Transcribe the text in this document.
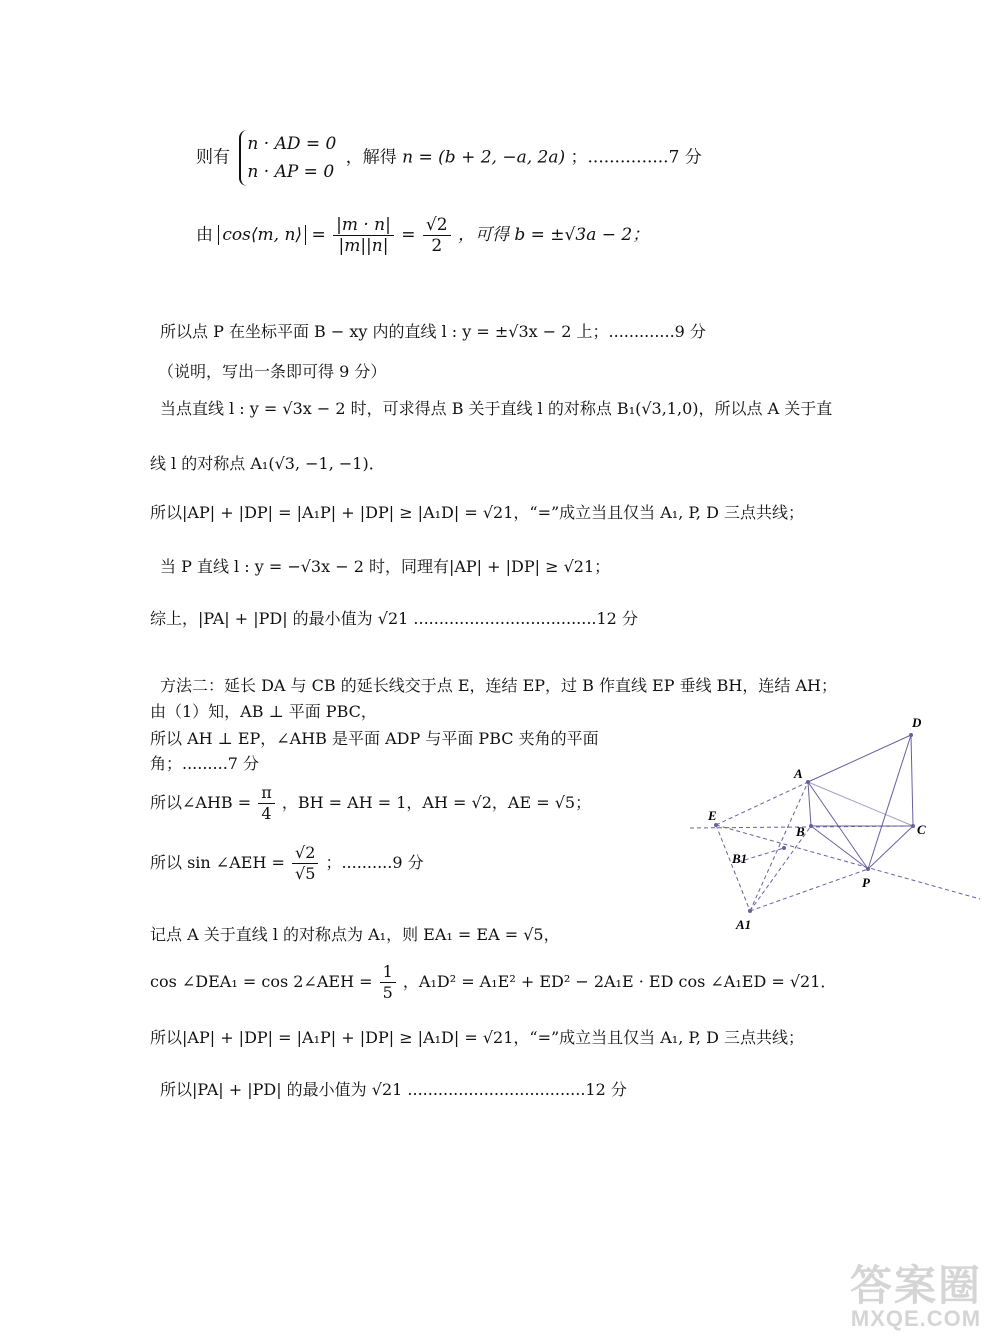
则有
n · AD = 0
n · AP = 0
，解得 n = (b + 2, −a, 2a) ；...............7 分
由 cos⟨m, n⟩ = $\frac{|m \cdot n|}{|m||n|} = \frac{√2}{2}$ ，可得 b = ±√3a − 2；
所以点 P 在坐标平面 B − xy 内的直线 l : y = ±√3x − 2 上；.............9 分
（说明，写出一条即可得 9 分）
当点直线 l : y = √3x − 2 时，可求得点 B 关于直线 l 的对称点 B₁(√3,1,0)，所以点 A 关于直
线 l 的对称点 A₁(√3, −1, −1)．
所以|AP| + |DP| = |A₁P| + |DP| ≥ |A₁D| = √21，“=”成立当且仅当 A₁, P, D 三点共线；
当 P 直线 l : y = −√3x − 2 时，同理有|AP| + |DP| ≥ √21；
综上，|PA| + |PD| 的最小值为 √21 ....................................12 分
方法二：延长 DA 与 CB 的延长线交于点 E，连结 EP，过 B 作直线 EP 垂线 BH，连结 AH；
由（1）知，AB ⊥ 平面 PBC，
所以 AH ⊥ EP，∠AHB 是平面 ADP 与平面 PBC 夹角的平面
角；.........7 分
所以∠AHB = $\frac{\pi}{4}$ ，BH = AH = 1，AH = √2，AE = √5；
所以 sin ∠AEH = $\frac{√2}{√5}$ ；..........9 分
记点 A 关于直线 l 的对称点为 A₁，则 EA₁ = EA = √5，
cos ∠DEA₁ = cos 2∠AEH = $\frac{1}{5}$ ，A₁D² = A₁E² + ED² − 2A₁E · ED cos ∠A₁ED = √21．
所以|AP| + |DP| = |A₁P| + |DP| ≥ |A₁D| = √21，“=”成立当且仅当 A₁, P, D 三点共线；
所以|PA| + |PD| 的最小值为 √21 ...................................12 分
D
A
E
B	C
B1
P
A1
答案圈
MXQE.COM
